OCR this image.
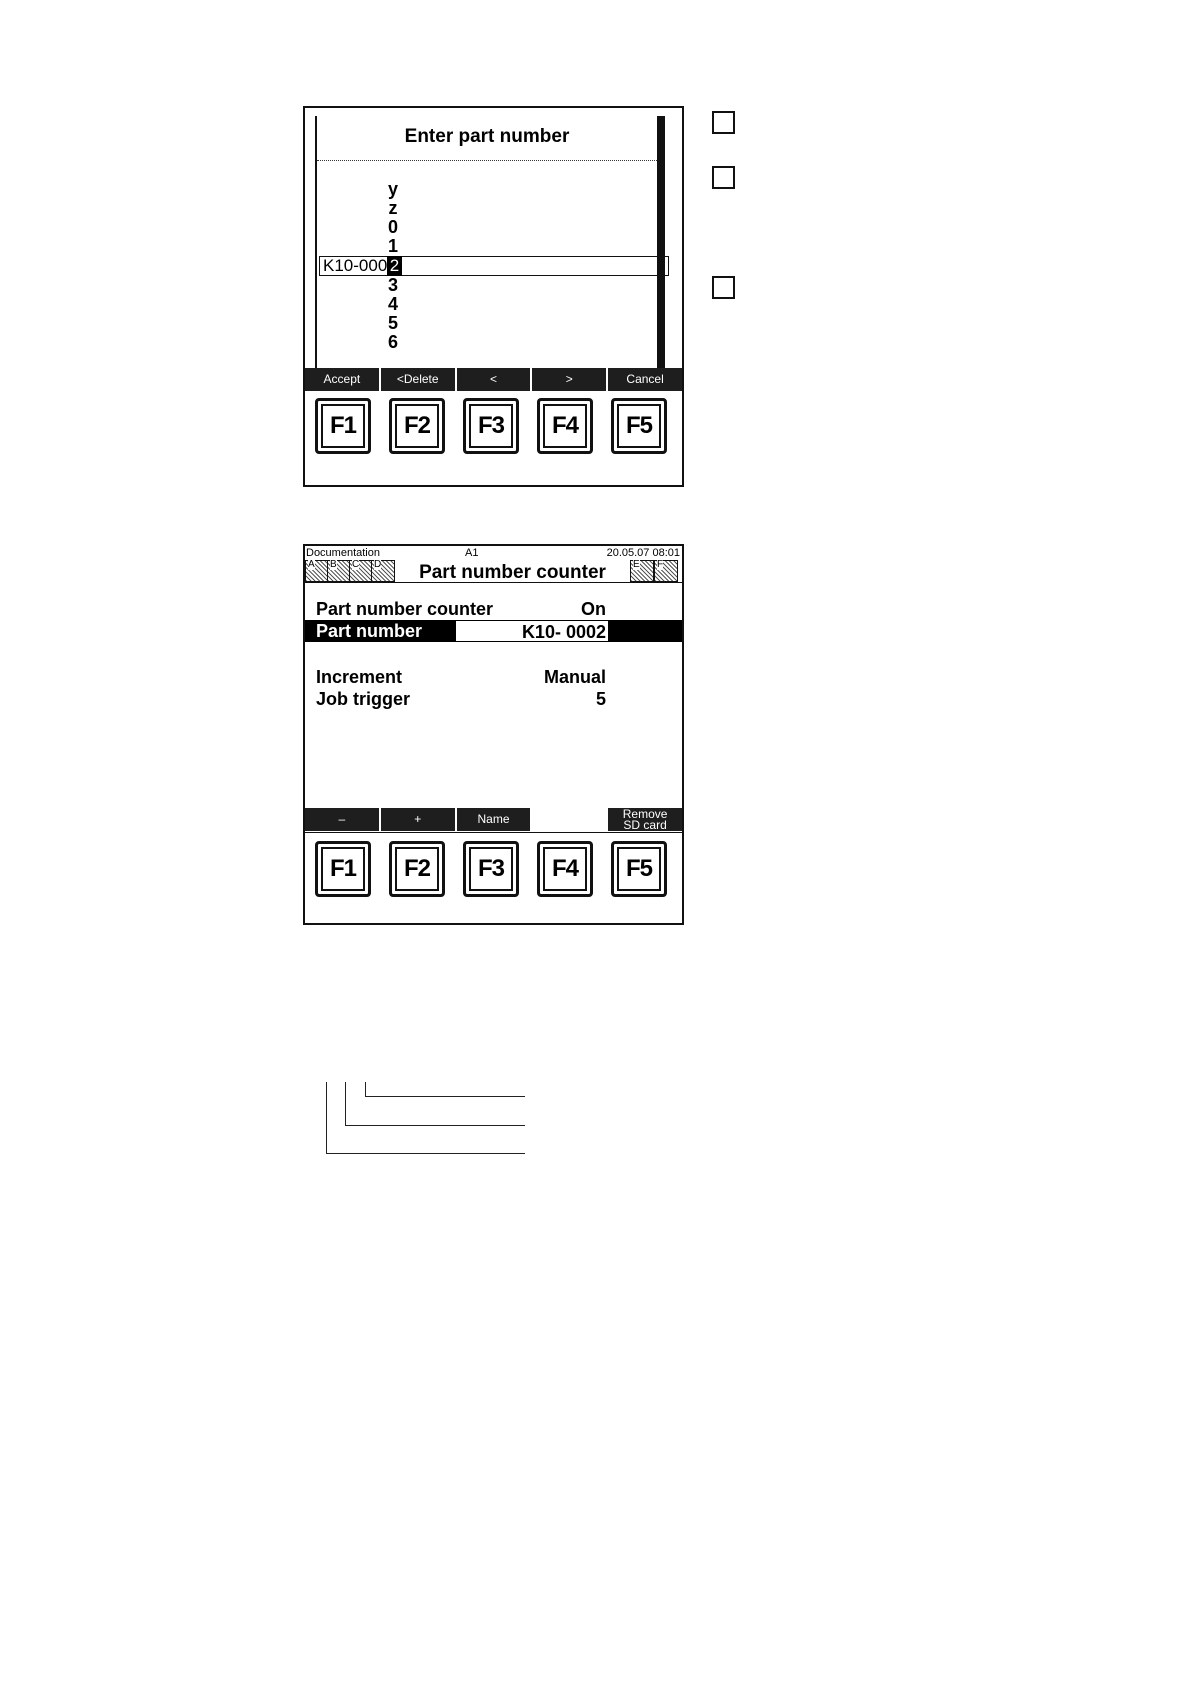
Enter part number
y
z
0
1
K10-000 2
3
4
5
6
Accept	<Delete	<	>	Cancel
F1	F2	F3	F4	F5
Documentation	A1	20.05.07 08:01
A B C D	Part number counter	E F
Part number counter	On
Part number	K10- 0002
Increment	Manual
Job trigger	5
–	+	Name	Remove
SD card
F1	F2	F3	F4	F5
